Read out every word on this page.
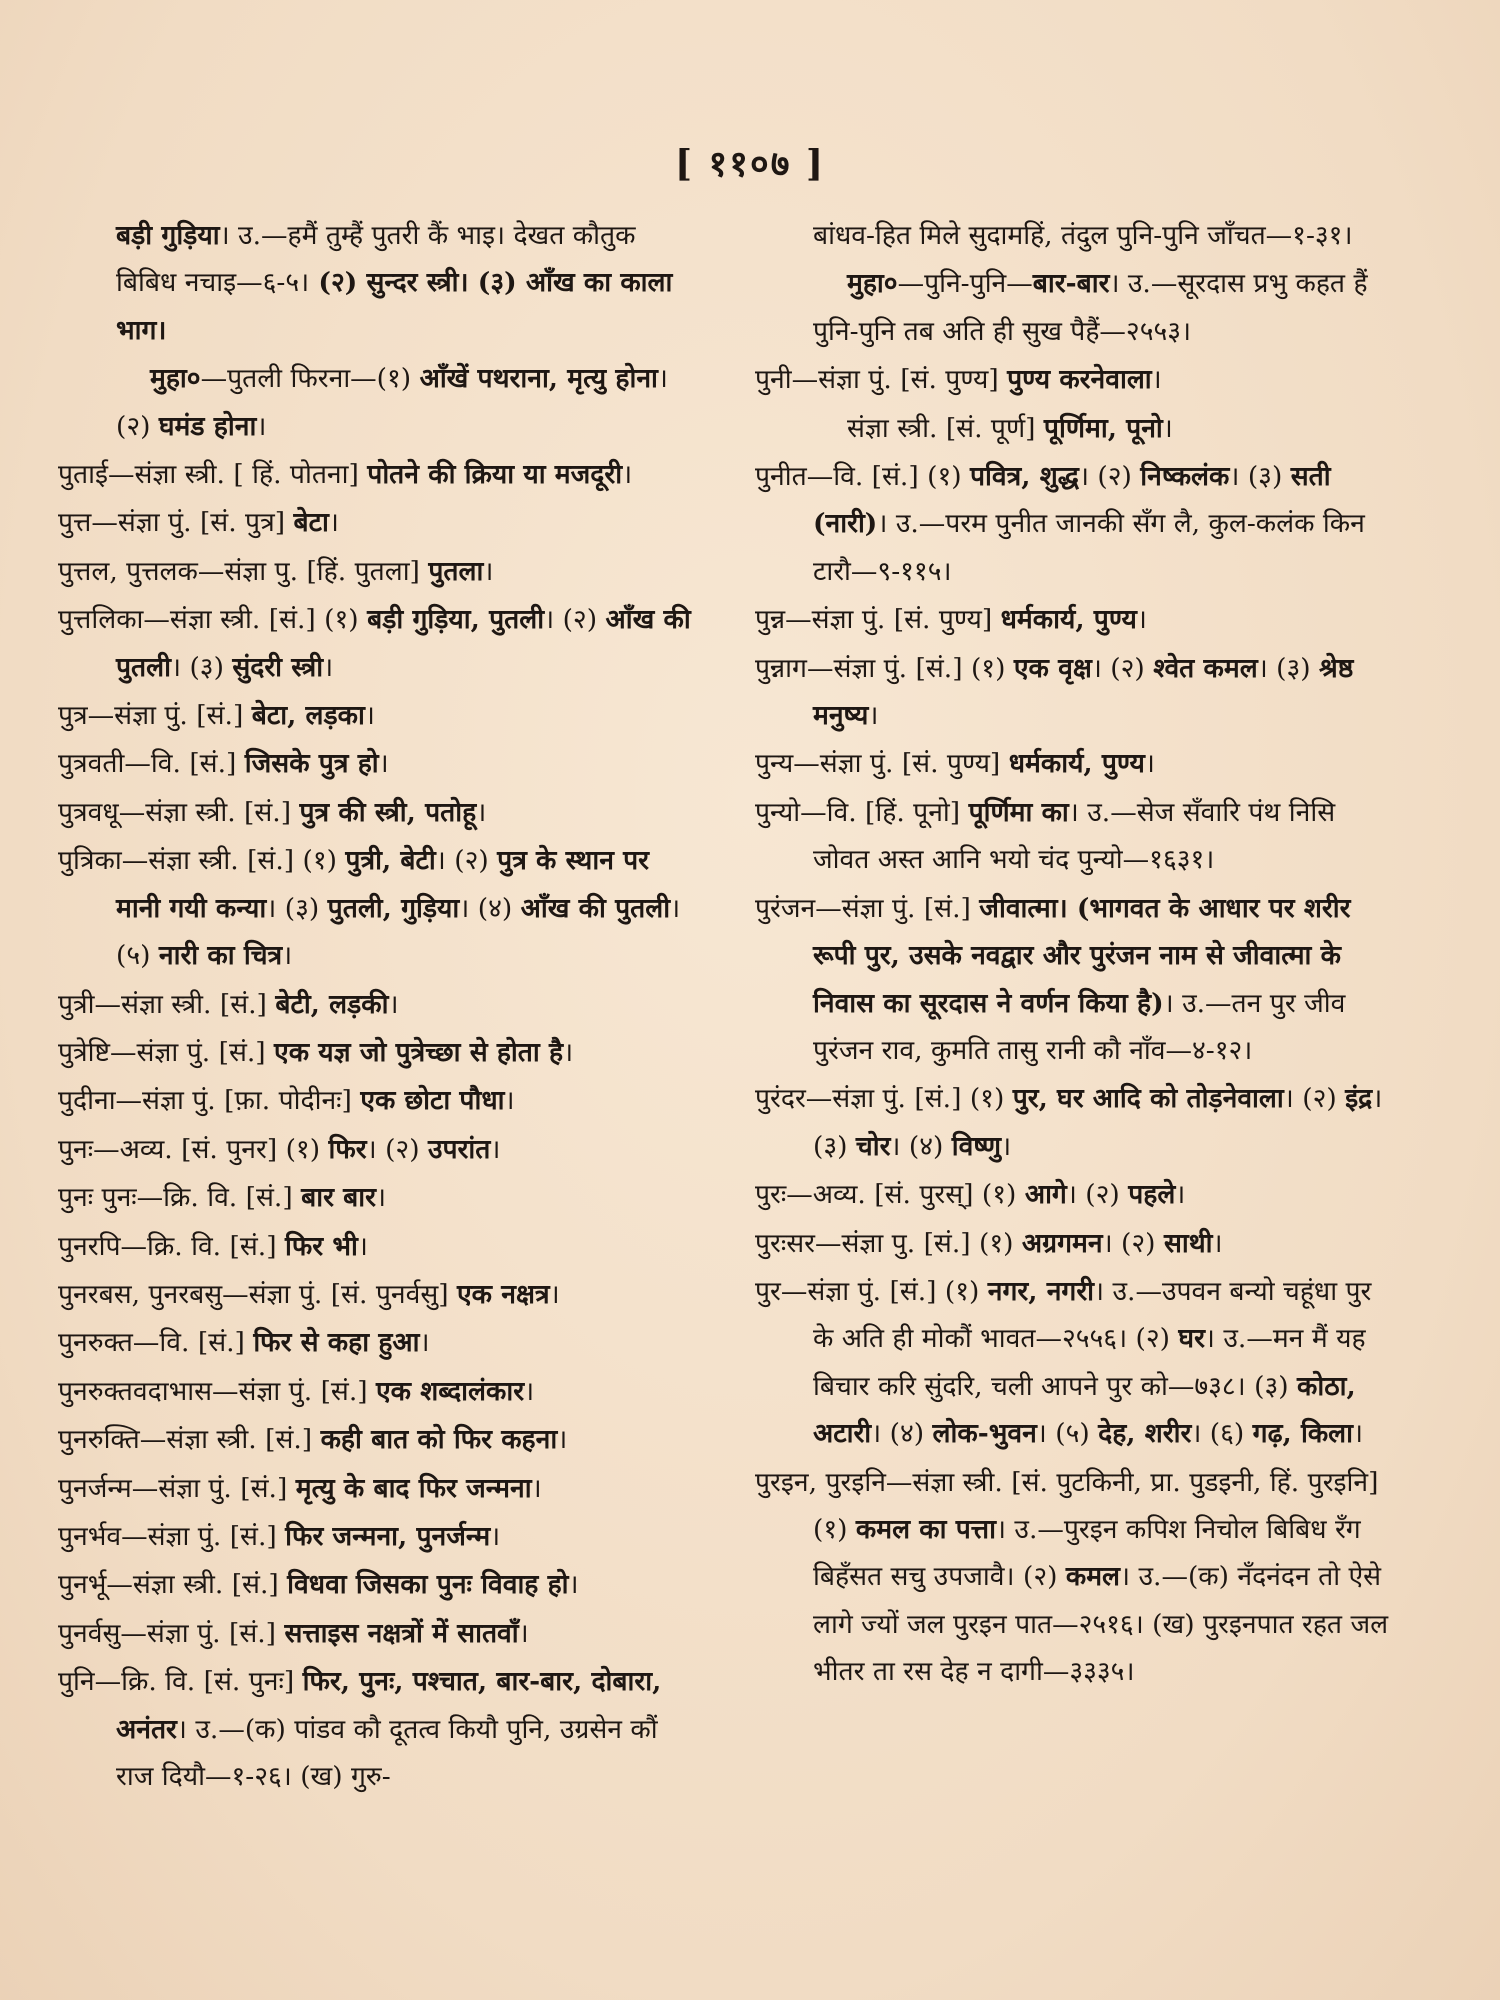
[ ११०७ ]

बड़ी गुड़िया। उ.—हमैं तुम्हैं पुतरी कैं भाइ। देखत कौतुक बिबिध नचाइ—६-५। (२) सुन्दर स्त्री। (३) आँख का काला भाग।

मुहा०—पुतली फिरना—(१) आँखें पथराना, मृत्यु होना। (२) घमंड होना।

पुताई—संज्ञा स्त्री. [ हिं. पोतना] पोतने की क्रिया या मजदूरी।

पुत्त—संज्ञा पुं. [सं. पुत्र] बेटा।

पुत्तल, पुत्तलक—संज्ञा पु. [हिं. पुतला] पुतला।

पुत्तलिका—संज्ञा स्त्री. [सं.] (१) बड़ी गुड़िया, पुतली। (२) आँख की पुतली। (३) सुंदरी स्त्री।

पुत्र—संज्ञा पुं. [सं.] बेटा, लड़का।

पुत्रवती—वि. [सं.] जिसके पुत्र हो।

पुत्रवधू—संज्ञा स्त्री. [सं.] पुत्र की स्त्री, पतोहू।

पुत्रिका—संज्ञा स्त्री. [सं.] (१) पुत्री, बेटी। (२) पुत्र के स्थान पर मानी गयी कन्या। (३) पुतली, गुड़िया। (४) आँख की पुतली। (५) नारी का चित्र।

पुत्री—संज्ञा स्त्री. [सं.] बेटी, लड़की।

पुत्रेष्टि—संज्ञा पुं. [सं.] एक यज्ञ जो पुत्रेच्छा से होता है।

पुदीना—संज्ञा पुं. [फ़ा. पोदीनः] एक छोटा पौधा।

पुनः—अव्य. [सं. पुनर] (१) फिर। (२) उपरांत।

पुनः पुनः—क्रि. वि. [सं.] बार बार।

पुनरपि—क्रि. वि. [सं.] फिर भी।

पुनरबस, पुनरबसु—संज्ञा पुं. [सं. पुनर्वसु] एक नक्षत्र।

पुनरुक्त—वि. [सं.] फिर से कहा हुआ।

पुनरुक्तवदाभास—संज्ञा पुं. [सं.] एक शब्दालंकार।

पुनरुक्ति—संज्ञा स्त्री. [सं.] कही बात को फिर कहना।

पुनर्जन्म—संज्ञा पुं. [सं.] मृत्यु के बाद फिर जन्मना।

पुनर्भव—संज्ञा पुं. [सं.] फिर जन्मना, पुनर्जन्म।

पुनर्भू—संज्ञा स्त्री. [सं.] विधवा जिसका पुनः विवाह हो।

पुनर्वसु—संज्ञा पुं. [सं.] सत्ताइस नक्षत्रों में सातवाँ।

पुनि—क्रि. वि. [सं. पुनः] फिर, पुनः, पश्चात, बार-बार, दोबारा, अनंतर। उ.—(क) पांडव कौ दूतत्व कियौ पुनि, उग्रसेन कौं राज दियौ—१-२६। (ख) गुरु-

बांधव-हित मिले सुदामहिं, तंदुल पुनि-पुनि जाँचत—१-३१।

मुहा०—पुनि-पुनि—बार-बार। उ.—सूरदास प्रभु कहत हैं पुनि-पुनि तब अति ही सुख पैहैं—२५५३।

पुनी—संज्ञा पुं. [सं. पुण्य] पुण्य करनेवाला।

संज्ञा स्त्री. [सं. पूर्ण] पूर्णिमा, पूनो।

पुनीत—वि. [सं.] (१) पवित्र, शुद्ध। (२) निष्कलंक। (३) सती (नारी)। उ.—परम पुनीत जानकी सँग लै, कुल-कलंक किन टारौ—९-११५।

पुन्न—संज्ञा पुं. [सं. पुण्य] धर्मकार्य, पुण्य।

पुन्नाग—संज्ञा पुं. [सं.] (१) एक वृक्ष। (२) श्वेत कमल। (३) श्रेष्ठ मनुष्य।

पुन्य—संज्ञा पुं. [सं. पुण्य] धर्मकार्य, पुण्य।

पुन्यो—वि. [हिं. पूनो] पूर्णिमा का। उ.—सेज सँवारि पंथ निसि जोवत अस्त आनि भयो चंद पुन्यो—१६३१।

पुरंजन—संज्ञा पुं. [सं.] जीवात्मा। (भागवत के आधार पर शरीर रूपी पुर, उसके नवद्वार और पुरंजन नाम से जीवात्मा के निवास का सूरदास ने वर्णन किया है)। उ.—तन पुर जीव पुरंजन राव, कुमति तासु रानी कौ नाँव—४-१२।

पुरंदर—संज्ञा पुं. [सं.] (१) पुर, घर आदि को तोड़नेवाला। (२) इंद्र। (३) चोर। (४) विष्णु।

पुरः—अव्य. [सं. पुरस्] (१) आगे। (२) पहले।

पुरःसर—संज्ञा पु. [सं.] (१) अग्रगमन। (२) साथी।

पुर—संज्ञा पुं. [सं.] (१) नगर, नगरी। उ.—उपवन बन्यो चहूंधा पुर के अति ही मोकौं भावत—२५५६। (२) घर। उ.—मन मैं यह बिचार करि सुंदरि, चली आपने पुर को—७३८। (३) कोठा, अटारी। (४) लोक-भुवन। (५) देह, शरीर। (६) गढ़, किला।

पुरइन, पुरइनि—संज्ञा स्त्री. [सं. पुटकिनी, प्रा. पुडइनी, हिं. पुरइनि] (१) कमल का पत्ता। उ.—पुरइन कपिश निचोल बिबिध रँग बिहँसत सचु उपजावै। (२) कमल। उ.—(क) नँदनंदन तो ऐसे लागे ज्यों जल पुरइन पात—२५१६। (ख) पुरइनपात रहत जल भीतर ता रस देह न दागी—३३३५।
